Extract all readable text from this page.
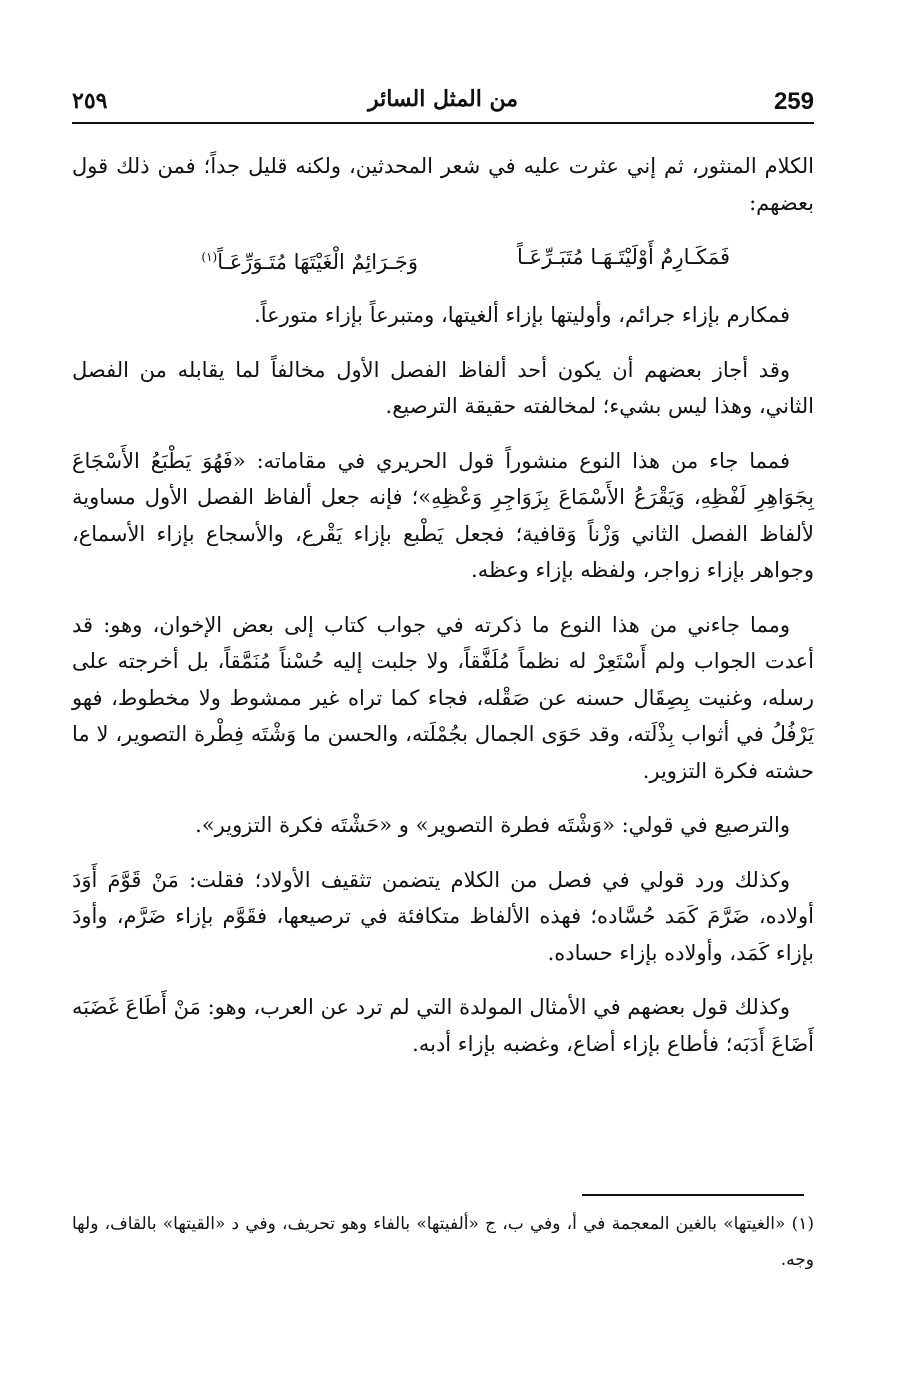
259
من المثل السائر
٢٥٩

الكلام المنثور، ثم إني عثرت عليه في شعر المحدثين، ولكنه قليل جداً؛ فمن ذلك قول بعضهم:

فَمَكَـارِمٌ أَوْلَيْتَـهَـا مُتَبَـرِّعَـاً
وَجَـرَائِمٌ الْغَيْتَهَا مُتَـوَرِّعَـاً$^{(١)}$

فمكارم بإزاء جرائم، وأوليتها بإزاء ألغيتها، ومتبرعاً بإزاء متورعاً.

وقد أجاز بعضهم أن يكون أحد ألفاظ الفصل الأول مخالفاً لما يقابله من الفصل الثاني، وهذا ليس بشيء؛ لمخالفته حقيقة الترصيع.

فمما جاء من هذا النوع منشوراً قول الحريري في مقاماته: «فَهُوَ يَطْبَعُ الأَسْجَاعَ بِجَوَاهِرِ لَفْظِهِ، وَيَقْرَعُ الأَسْمَاعَ بِزَوَاجِرِ وَعْظِهِ»؛ فإنه جعل ألفاظ الفصل الأول مساوية لألفاظ الفصل الثاني وَزْناً وَقافية؛ فجعل يَطْبع بإزاء يَقْرع، والأسجاع بإزاء الأسماع، وجواهر بإزاء زواجر، ولفظه بإزاء وعظه.

ومما جاءني من هذا النوع ما ذكرته في جواب كتاب إلى بعض الإخوان، وهو: قد أعدت الجواب ولم أَسْتَعِرْ له نظماً مُلَفَّقاً، ولا جلبت إليه حُسْناً مُنَمَّقاً، بل أخرجته على رسله، وغنيت بِصِقَال حسنه عن صَقْله، فجاء كما تراه غير ممشوط ولا مخطوط، فهو يَرْفُلُ في أثواب بِذْلَته، وقد حَوَى الجمال بجُمْلَته، والحسن ما وَشْتَه فِطْرة التصوير، لا ما حشته فكرة التزوير.

والترصيع في قولي: «وَشْتَه فطرة التصوير» و «حَشْتَه فكرة التزوير».

وكذلك ورد قولي في فصل من الكلام يتضمن تثقيف الأولاد؛ فقلت: مَنْ قَوَّمَ أَوَدَ أولاده، ضَرَّمَ كَمَد حُسَّاده؛ فهذه الألفاظ متكافئة في ترصيعها، فقَوَّم بإزاء ضَرَّم، وأودَ بإزاء كَمَد، وأولاده بإزاء حساده.

وكذلك قول بعضهم في الأمثال المولدة التي لم ترد عن العرب، وهو: مَنْ أَطَاعَ غَضَبَه أَضَاعَ أَدَبَه؛ فأطاع بإزاء أضاع، وغضبه بإزاء أدبه.

(١) «الغيتها» بالغين المعجمة في أ، وفي ب، ج «ألفيتها» بالفاء وهو تحريف، وفي د «القيتها» بالقاف، ولها وجه.
